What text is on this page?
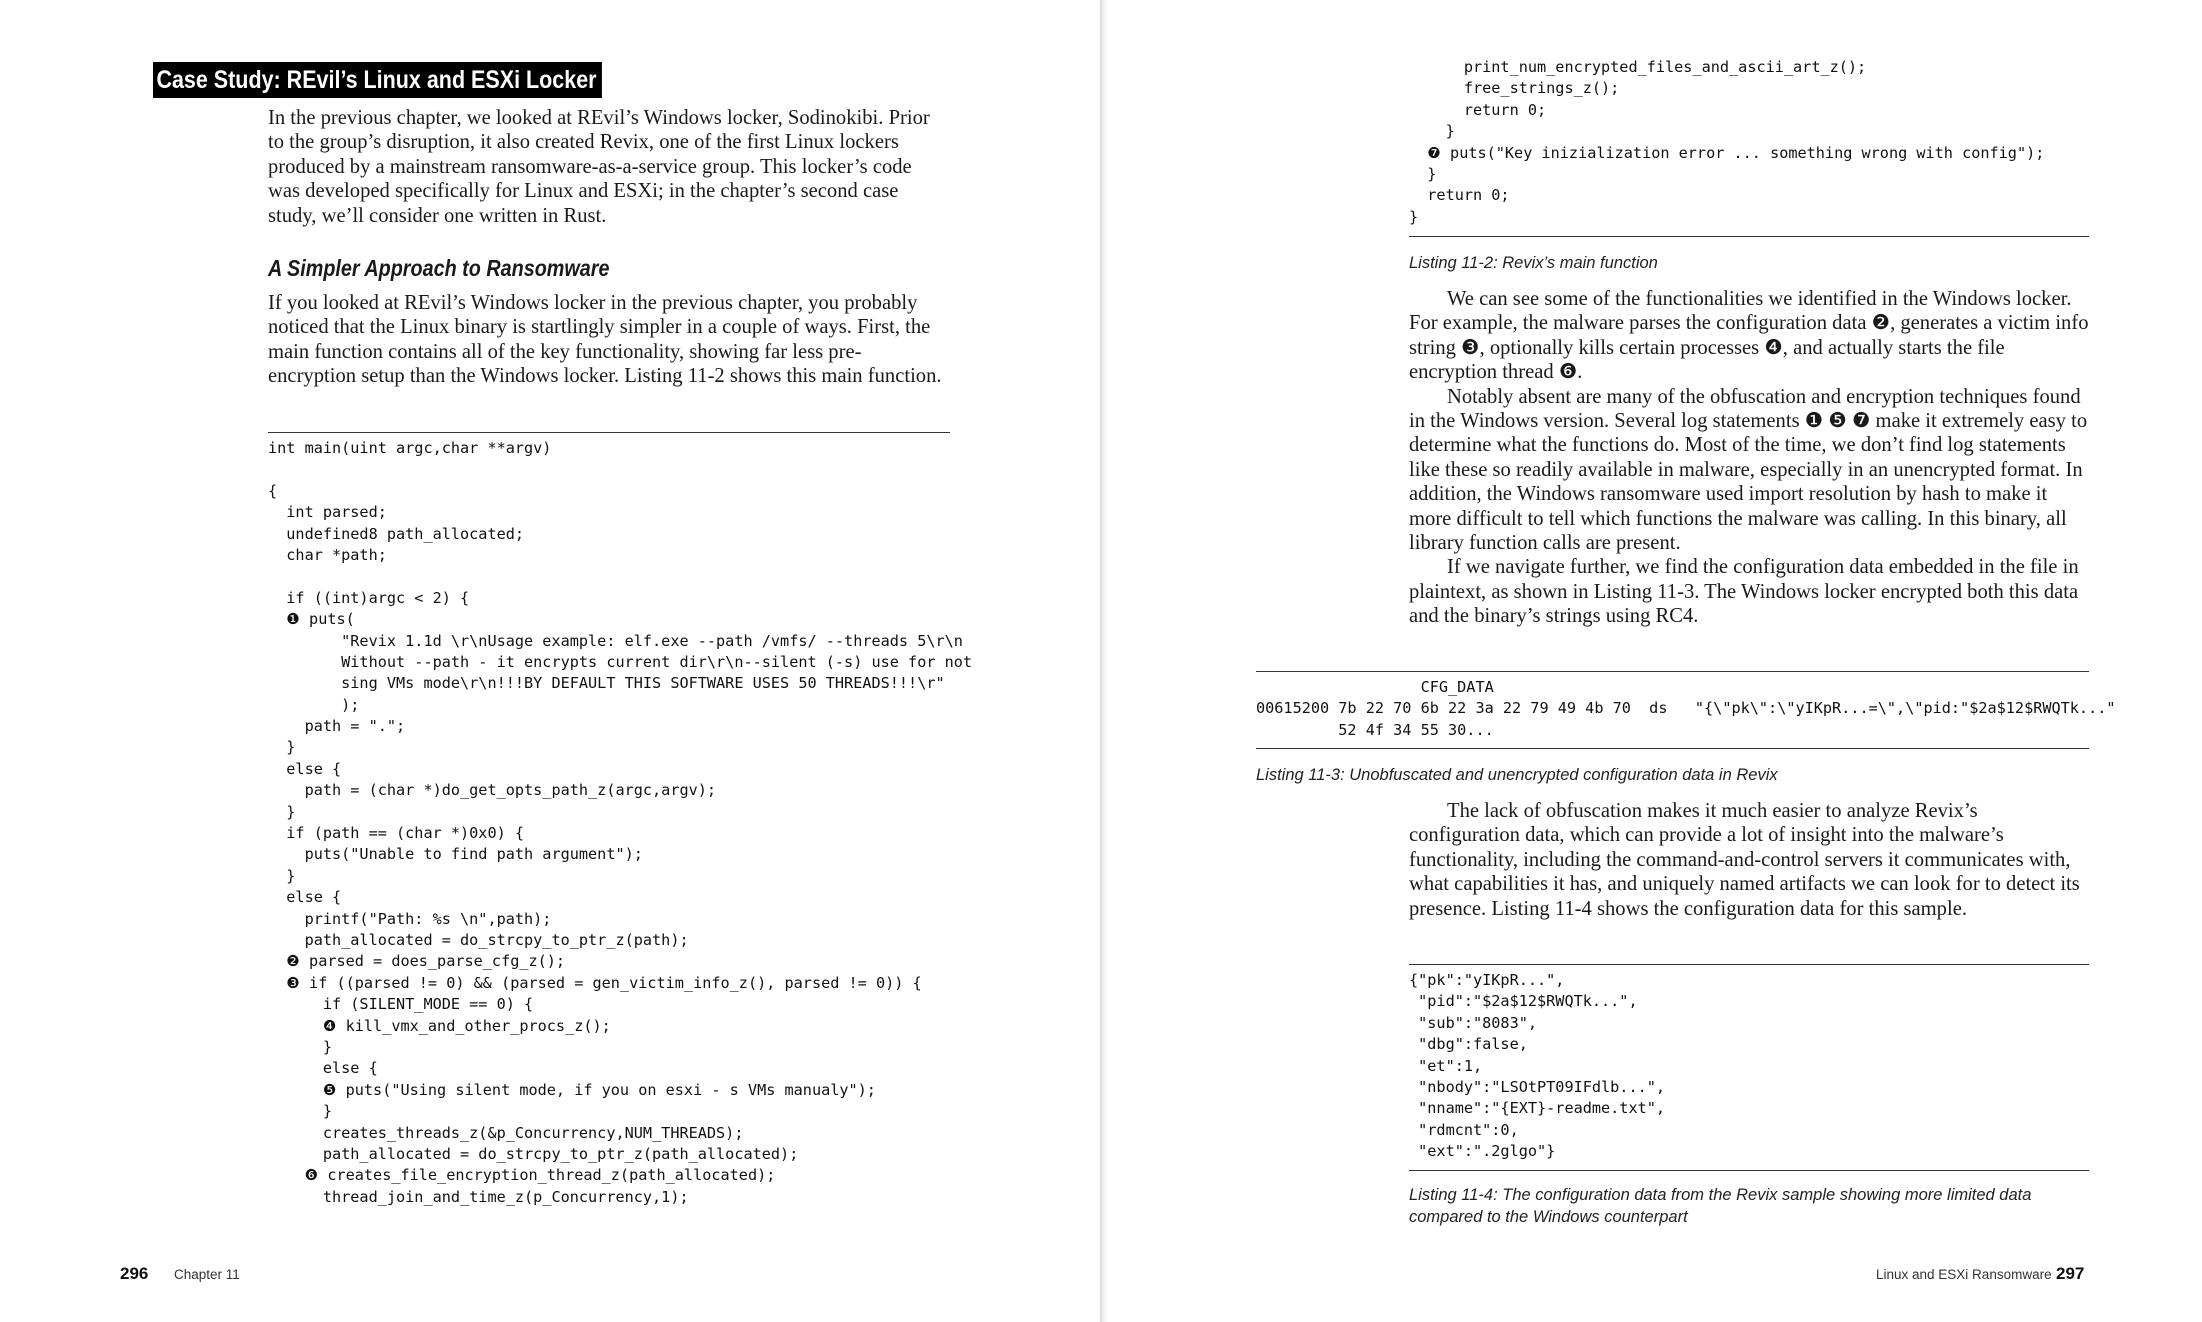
Case Study: REvil’s Linux and ESXi Locker

In the previous chapter, we looked at REvil’s Windows locker, Sodinokibi. Prior to the group’s disruption, it also created Revix, one of the first Linux lockers produced by a mainstream ransomware-as-a-service group. This locker’s code was developed specifically for Linux and ESXi; in the chapter’s second case study, we’ll consider one written in Rust.

A Simpler Approach to Ransomware

If you looked at REvil’s Windows locker in the previous chapter, you probably noticed that the Linux binary is startlingly simpler in a couple of ways. First, the main function contains all of the key functionality, showing far less pre-encryption setup than the Windows locker. Listing 11-2 shows this main function.

int main(uint argc,char **argv)
{
int parsed;
undefined8 path_allocated;
char *path;
if ((int)argc < 2) {
❶ puts(
"Revix 1.1d \r\nUsage example: elf.exe --path /vmfs/ --threads 5\r\n
Without --path - it encrypts current dir\r\n--silent (-s) use for not
sing VMs mode\r\n!!!BY DEFAULT THIS SOFTWARE USES 50 THREADS!!!\r"
);
path = ".";
}
else {
path = (char *)do_get_opts_path_z(argc,argv);
}
if (path == (char *)0x0) {
puts("Unable to find path argument");
}
else {
printf("Path: %s \n",path);
path_allocated = do_strcpy_to_ptr_z(path);
❷ parsed = does_parse_cfg_z();
❸ if ((parsed != 0) && (parsed = gen_victim_info_z(), parsed != 0)) {
if (SILENT_MODE == 0) {
❹ kill_vmx_and_other_procs_z();
}
else {
❺ puts("Using silent mode, if you on esxi - s VMs manualy");
}
creates_threads_z(&p_Concurrency,NUM_THREADS);
path_allocated = do_strcpy_to_ptr_z(path_allocated);
❻ creates_file_encryption_thread_z(path_allocated);
thread_join_and_time_z(p_Concurrency,1);
296 Chapter 11
print_num_encrypted_files_and_ascii_art_z();
free_strings_z();
return 0;
}
❼ puts("Key inizialization error ... something wrong with config");
}
return 0;
}
Listing 11-2: Revix’s main function

We can see some of the functionalities we identified in the Windows locker. For example, the malware parses the configuration data ❷, generates a victim info string ❸, optionally kills certain processes ❹, and actually starts the file encryption thread ❻.

Notably absent are many of the obfuscation and encryption techniques found in the Windows version. Several log statements ❶ ❺ ❼ make it extremely easy to determine what the functions do. Most of the time, we don’t find log statements like these so readily available in malware, especially in an unencrypted format. In addition, the Windows ransomware used import resolution by hash to make it more difficult to tell which functions the malware was calling. In this binary, all library function calls are present.

If we navigate further, we find the configuration data embedded in the file in plaintext, as shown in Listing 11-3. The Windows locker encrypted both this data and the binary’s strings using RC4.

CFG_DATA
00615200 7b 22 70 6b 22 3a 22 79 49 4b 70  ds   "{\"pk\":\"yIKpR...=\",\"pid:"$2a$12$RWQTk..."
52 4f 34 55 30...
Listing 11-3: Unobfuscated and unencrypted configuration data in Revix

The lack of obfuscation makes it much easier to analyze Revix’s configuration data, which can provide a lot of insight into the malware’s functionality, including the command-and-control servers it communicates with, what capabilities it has, and uniquely named artifacts we can look for to detect its presence. Listing 11-4 shows the configuration data for this sample.

{"pk":"yIKpR...",
"pid":"$2a$12$RWQTk...",
"sub":"8083",
"dbg":false,
"et":1,
"nbody":"LSOtPT09IFdlb...",
"nname":"{EXT}-readme.txt",
"rdmcnt":0,
"ext":".2glgo"}
Listing 11-4: The configuration data from the Revix sample showing more limited data compared to the Windows counterpart
Linux and ESXi Ransomware 297
